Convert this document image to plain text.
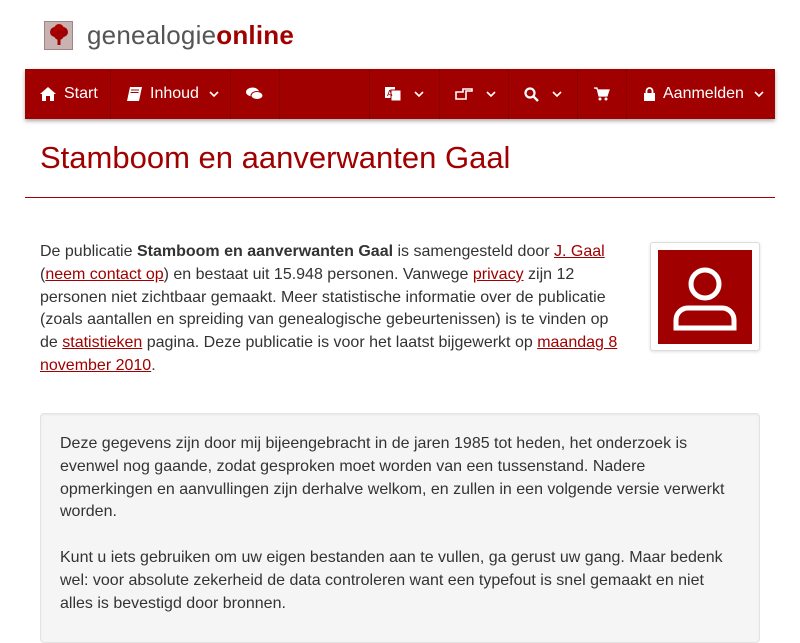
genealogieonline
Start	Inhoud	A	Aanmelden
Stamboom en aanverwanten Gaal
De publicatie Stamboom en aanverwanten Gaal is samengesteld door J. Gaal (neem contact op) en bestaat uit 15.948 personen. Vanwege privacy zijn 12 personen niet zichtbaar gemaakt. Meer statistische informatie over de publicatie (zoals aantallen en spreiding van genealogische gebeurtenissen) is te vinden op de statistieken pagina. Deze publicatie is voor het laatst bijgewerkt op maandag 8 november 2010.

Deze gegevens zijn door mij bijeengebracht in de jaren 1985 tot heden, het onderzoek is evenwel nog gaande, zodat gesproken moet worden van een tussenstand. Nadere opmerkingen en aanvullingen zijn derhalve welkom, en zullen in een volgende versie verwerkt worden.

Kunt u iets gebruiken om uw eigen bestanden aan te vullen, ga gerust uw gang. Maar bedenk wel: voor absolute zekerheid de data controleren want een typefout is snel gemaakt en niet alles is bevestigd door bronnen.
